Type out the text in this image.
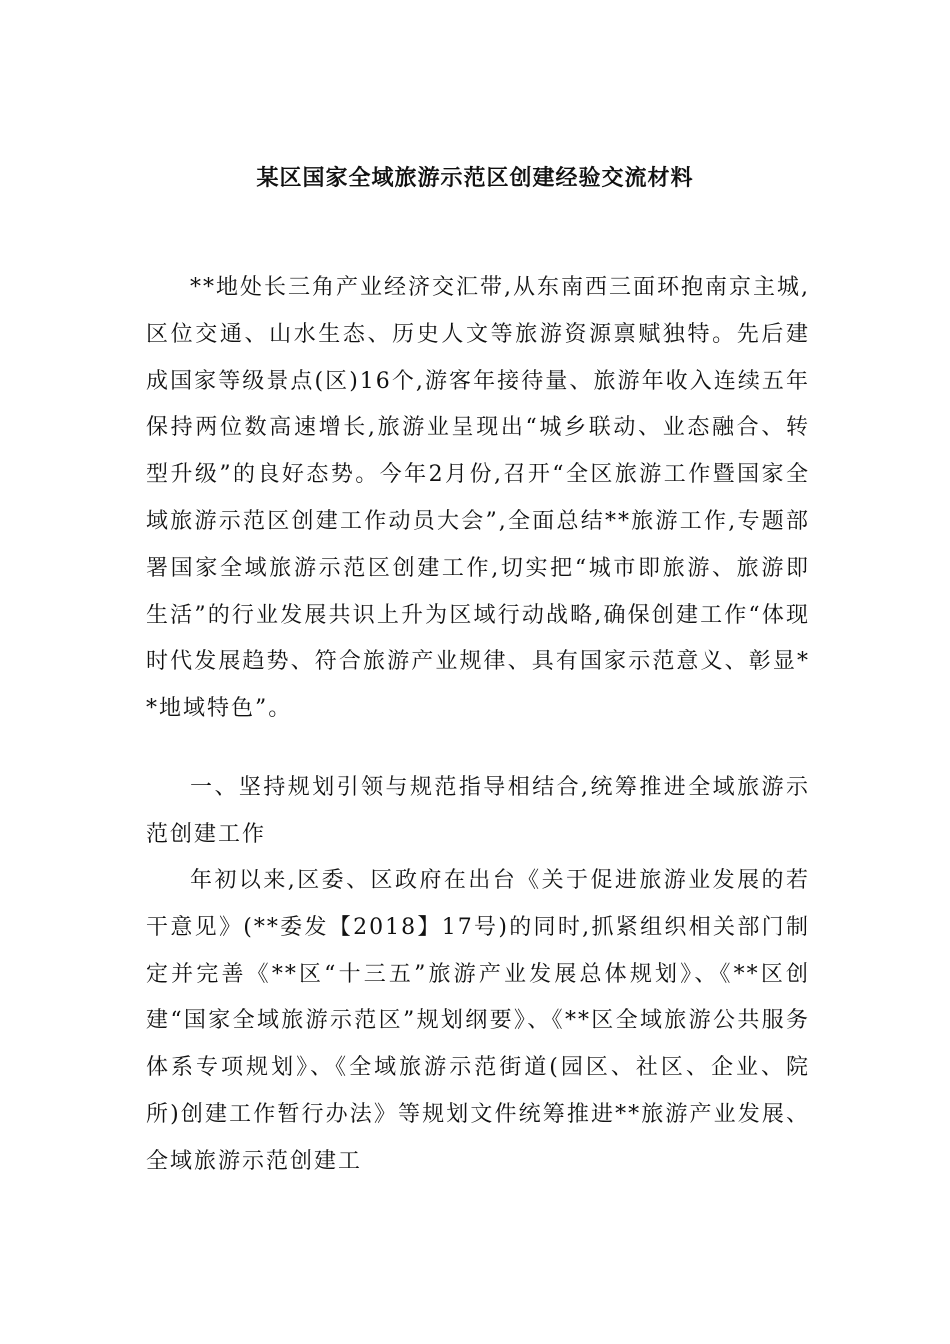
某区国家全域旅游示范区创建经验交流材料

**地处长三角产业经济交汇带,从东南西三面环抱南京主城,区位交通、山水生态、历史人文等旅游资源禀赋独特。先后建成国家等级景点(区)16个,游客年接待量、旅游年收入连续五年保持两位数高速增长,旅游业呈现出“城乡联动、业态融合、转型升级”的良好态势。今年2月份,召开“全区旅游工作暨国家全域旅游示范区创建工作动员大会”,全面总结**旅游工作,专题部署国家全域旅游示范区创建工作,切实把“城市即旅游、旅游即生活”的行业发展共识上升为区域行动战略,确保创建工作“体现时代发展趋势、符合旅游产业规律、具有国家示范意义、彰显**地域特色”。

一、坚持规划引领与规范指导相结合,统筹推进全域旅游示范创建工作

年初以来,区委、区政府在出台《关于促进旅游业发展的若干意见》(**委发【2018】17号)的同时,抓紧组织相关部门制定并完善《**区“十三五”旅游产业发展总体规划》、《**区创建“国家全域旅游示范区”规划纲要》、《**区全域旅游公共服务体系专项规划》、《全域旅游示范街道(园区、社区、企业、院所)创建工作暂行办法》等规划文件统筹推进**旅游产业发展、全域旅游示范创建工
